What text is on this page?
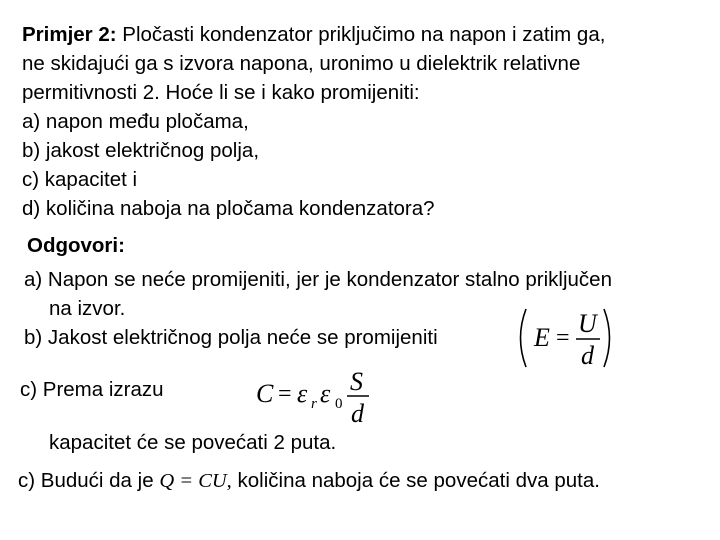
Primjer 2: Pločasti kondenzator priključimo na napon i zatim ga,
ne skidajući ga s izvora napona, uronimo u dielektrik relativne
permitivnosti 2. Hoće li se i kako promijeniti:
a) napon među pločama,
b) jakost električnog polja,
c) kapacitet i
d) količina naboja na pločama kondenzatora?
Odgovori:
a) Napon se neće promijeniti, jer je kondenzator stalno priključen
na izvor.
b) Jakost električnog polja neće se promijeniti	E = U
d
c) Prema izrazu	C = ε r ε 0
S
d
kapacitet će se povećati 2 puta.
c) Budući da je Q = CU, količina naboja će se povećati dva puta.
